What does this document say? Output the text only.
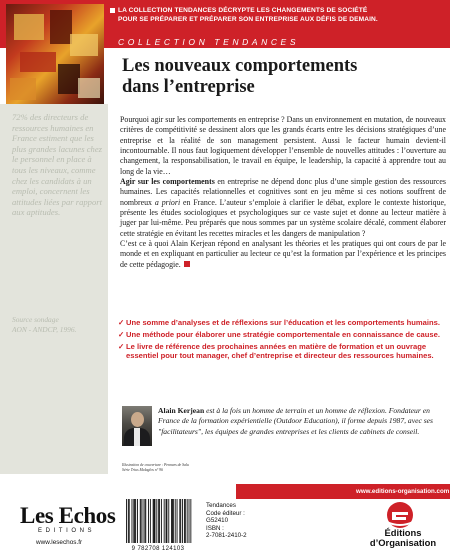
LA COLLECTION TENDANCES DÉCRYPTE LES CHANGEMENTS DE SOCIÉTÉ
POUR SE PRÉPARER ET PRÉPARER SON ENTREPRISE AUX DÉFIS DE DEMAIN.
COLLECTION TENDANCES
72% des directeurs de ressources humaines en France estiment que les plus grandes lacunes chez le personnel en place à tous les niveaux, comme chez les candidats à un emploi, concernent les attitudes liées par rapport aux aptitudes.
Source sondage
AON - ANDCP, 1996.
Les nouveaux comportements
dans l’entreprise

Pourquoi agir sur les comportements en entreprise ? Dans un environnement en mutation, de nouveaux critères de compétitivité se dessinent alors que les grands écarts entre les décisions stratégiques d’une entreprise et la réalité de son management persistent. Aussi le facteur humain devient-il incontournable. Il nous faut logiquement développer l’ensemble de nouvelles attitudes : l’ouverture au changement, la responsabilisation, le travail en équipe, le leadership, la capacité à apprendre tout au long de la vie…

Agir sur les comportements en entreprise ne dépend donc plus d’une simple gestion des ressources humaines. Les capacités relationnelles et cognitives sont en jeu même si ces notions souffrent de nombreux a priori en France. L’auteur s’emploie à clarifier le débat, explore le contexte historique, présente les études sociologiques et psychologiques sur ce vaste sujet et donne au lecteur matière à juger par lui-même. Peu préparés que nous sommes par un système scolaire décalé, comment élaborer cette stratégie en évitant les recettes miracles et les dangers de manipulation ?

C’est ce à quoi Alain Kerjean répond en analysant les théories et les pratiques qui ont cours de par le monde et en expliquant en particulier au lecteur ce qu’est la formation par l’expérience et les principes de cette pédagogie.

✓ Une somme d’analyses et de réflexions sur l’éducation et les comportements humains.
✓ Une méthode pour élaborer une stratégie comportementale en connaissance de cause.
✓ Le livre de référence des prochaines années en matière de formation et un ouvrage essentiel pour tout manager, chef d’entreprise et directeur des ressources humaines.
Alain Kerjean est à la fois un homme de terrain et un homme de réflexion. Fondateur en France de la formation expérientielle (Outdoor Education), il forme depuis 1987, avec ses "facilitateurs", les équipes de grandes entreprises et les clients de cabinets de conseil.
Illustration de couverture : Pennars de Salu
Série Trius Malaglos n° 96
www.editions-organisation.com
Les Echos
EDITIONS
www.lesechos.fr
9 782708 124103
Tendances
Code éditeur :
G52410
ISBN :
2-7081-2410-2	Éditions
d’Organisation
